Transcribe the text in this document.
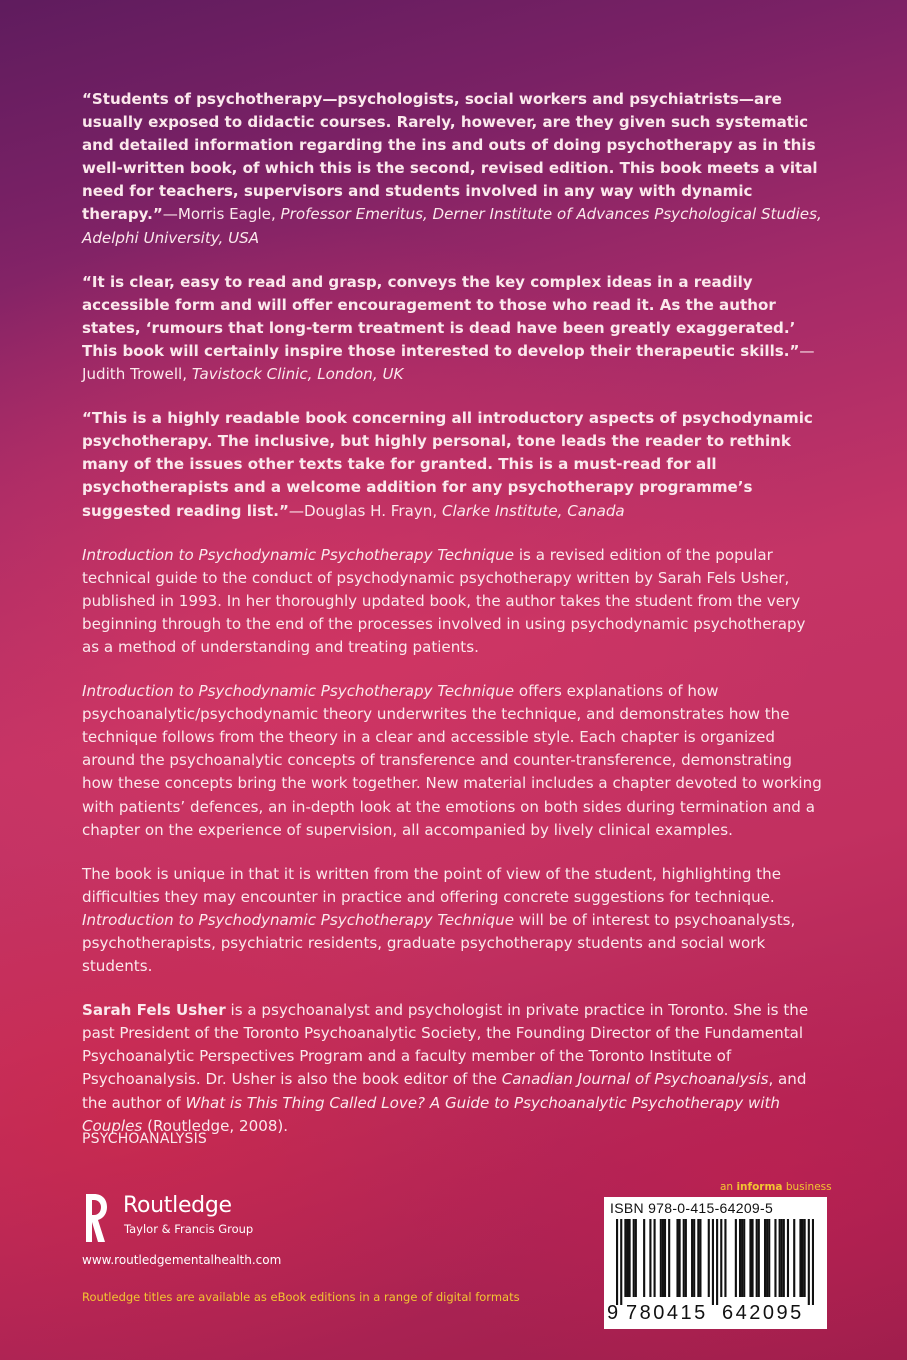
“Students of psychotherapy—psychologists, social workers and psychiatrists—are usually exposed to didactic courses. Rarely, however, are they given such systematic and detailed information regarding the ins and outs of doing psychotherapy as in this well-written book, of which this is the second, revised edition. This book meets a vital need for teachers, supervisors and students involved in any way with dynamic therapy.”—Morris Eagle, Professor Emeritus, Derner Institute of Advances Psychological Studies, Adelphi University, USA

“It is clear, easy to read and grasp, conveys the key complex ideas in a readily accessible form and will offer encouragement to those who read it. As the author states, ‘rumours that long-term treatment is dead have been greatly exaggerated.’ This book will certainly inspire those interested to develop their therapeutic skills.”—Judith Trowell, Tavistock Clinic, London, UK

“This is a highly readable book concerning all introductory aspects of psychodynamic psychotherapy. The inclusive, but highly personal, tone leads the reader to rethink many of the issues other texts take for granted. This is a must-read for all psychotherapists and a welcome addition for any psychotherapy programme’s suggested reading list.”—Douglas H. Frayn, Clarke Institute, Canada

Introduction to Psychodynamic Psychotherapy Technique is a revised edition of the popular technical guide to the conduct of psychodynamic psychotherapy written by Sarah Fels Usher, published in 1993. In her thoroughly updated book, the author takes the student from the very beginning through to the end of the processes involved in using psychodynamic psychotherapy as a method of understanding and treating patients.

Introduction to Psychodynamic Psychotherapy Technique offers explanations of how psychoanalytic/psychodynamic theory underwrites the technique, and demonstrates how the technique follows from the theory in a clear and accessible style. Each chapter is organized around the psychoanalytic concepts of transference and counter-transference, demonstrating how these concepts bring the work together. New material includes a chapter devoted to working with patients’ defences, an in-depth look at the emotions on both sides during termination and a chapter on the experience of supervision, all accompanied by lively clinical examples.

The book is unique in that it is written from the point of view of the student, highlighting the difficulties they may encounter in practice and offering concrete suggestions for technique. Introduction to Psychodynamic Psychotherapy Technique will be of interest to psychoanalysts, psychotherapists, psychiatric residents, graduate psychotherapy students and social work students.

Sarah Fels Usher is a psychoanalyst and psychologist in private practice in Toronto. She is the past President of the Toronto Psychoanalytic Society, the Founding Director of the Fundamental Psychoanalytic Perspectives Program and a faculty member of the Toronto Institute of Psychoanalysis. Dr. Usher is also the book editor of the Canadian Journal of Psychoanalysis, and the author of What is This Thing Called Love? A Guide to Psychoanalytic Psychotherapy with Couples (Routledge, 2008).

PSYCHOANALYSIS
Routledge
Taylor & Francis Group
www.routledgementalhealth.com
Routledge titles are available as eBook editions in a range of digital formats
an informa business
ISBN 978-0-415-64209-5
9 780415 642095
